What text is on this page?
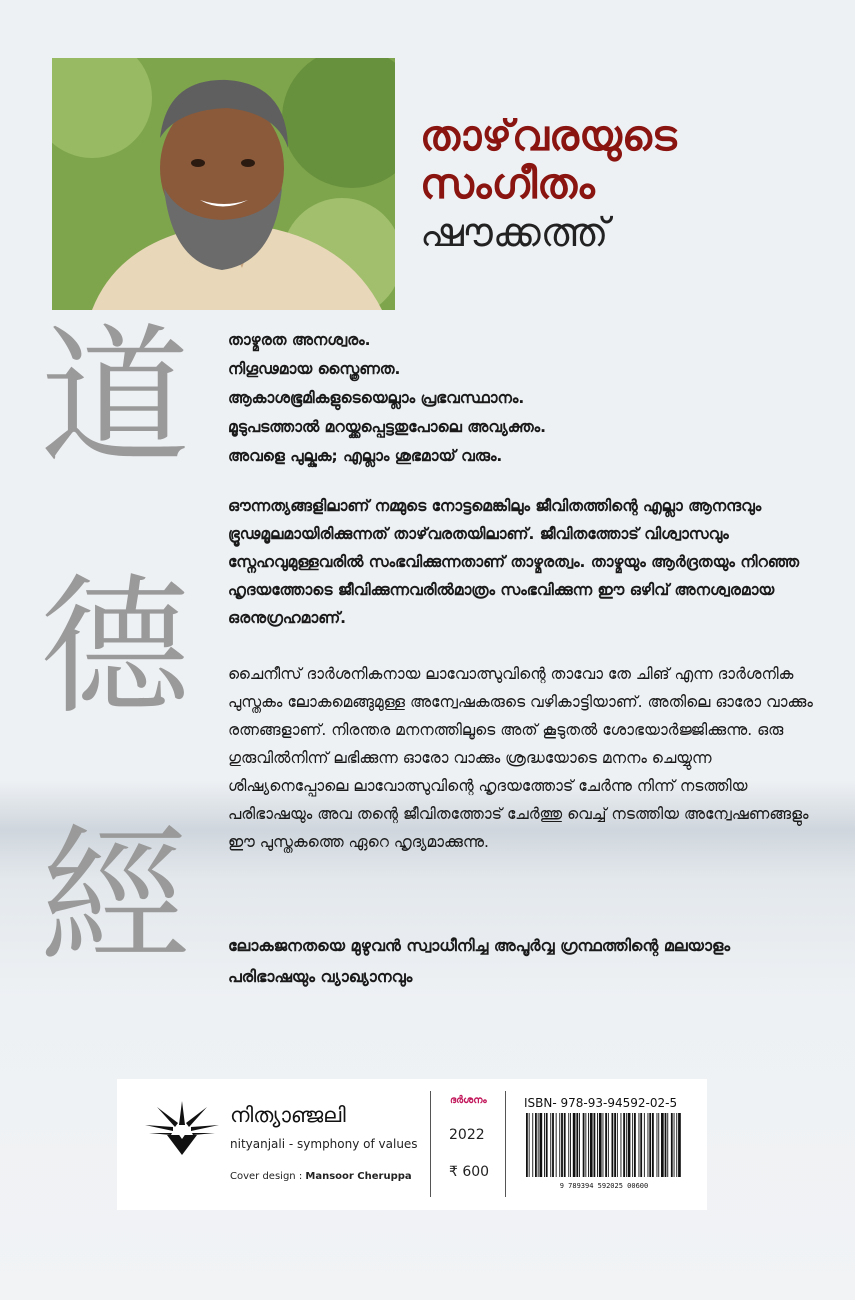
താഴ്‌വരയുടെ
സംഗീതം
ഷൗക്കത്ത്
道
德
經
താഴ്മരത അനശ്വരം.
നിഗൂഢമായ സ്ത്രൈണത.
ആകാശഭൂമികളുടെയെല്ലാം പ്രഭവസ്ഥാനം.
മൂടുപടത്താൽ മറയ്ക്കപ്പെട്ടതുപോലെ അവ്യക്തം.
അവളെ പുല്കുക; എല്ലാം ശുഭമായ് വരും.
ഔന്നത്യങ്ങളിലാണ് നമ്മുടെ നോട്ടമെങ്കിലും ജീവിതത്തിന്റെ എല്ലാ ആനന്ദവും ഭ്രൂഢമൂലമായിരിക്കുന്നത് താഴ്‌വരതയിലാണ്. ജീവിതത്തോട് വിശ്വാസവും സ്നേഹവുമുള്ളവരിൽ സംഭവിക്കുന്നതാണ് താഴ്മരത്വം. താഴ്മയും ആർദ്രതയും നിറഞ്ഞ ഹൃദയത്തോടെ ജീവിക്കുന്നവരിൽമാത്രം സംഭവിക്കുന്ന ഈ ഒഴിവ് അനശ്വരമായ ഒരനുഗ്രഹമാണ്.
ചൈനീസ് ദാർശനികനായ ലാവോത്സുവിന്റെ താവോ തേ ചിങ് എന്ന ദാർശനിക പുസ്തകം ലോകമെങ്ങുമുള്ള അന്വേഷകരുടെ വഴികാട്ടിയാണ്. അതിലെ ഓരോ വാക്കും രത്നങ്ങളാണ്. നിരന്തര മനനത്തിലൂടെ അത് കൂടുതൽ ശോഭയാർജ്ജിക്കുന്നു. ഒരു ഗുരുവിൽനിന്ന് ലഭിക്കുന്ന ഓരോ വാക്കും ശ്രദ്ധയോടെ മനനം ചെയ്യുന്ന ശിഷ്യനെപ്പോലെ ലാവോത്സുവിന്റെ ഹൃദയത്തോട് ചേർന്നു നിന്ന് നടത്തിയ പരിഭാഷയും അവ തന്റെ ജീവിതത്തോട് ചേർത്തു വെച്ച് നടത്തിയ അന്വേഷണങ്ങളും ഈ പുസ്തകത്തെ ഏറെ ഹൃദ്യമാക്കുന്നു.
ലോകജനതയെ മുഴുവൻ സ്വാധീനിച്ച അപൂർവ്വ ഗ്രന്ഥത്തിന്റെ മലയാളം പരിഭാഷയും വ്യാഖ്യാനവും
നിത്യാഞ്ജലി
nityanjali - symphony of values
Cover design : Mansoor Cheruppa
ദർശനം
2022
₹ 600
ISBN- 978-93-94592-02-5
9 789394 592025 00600
